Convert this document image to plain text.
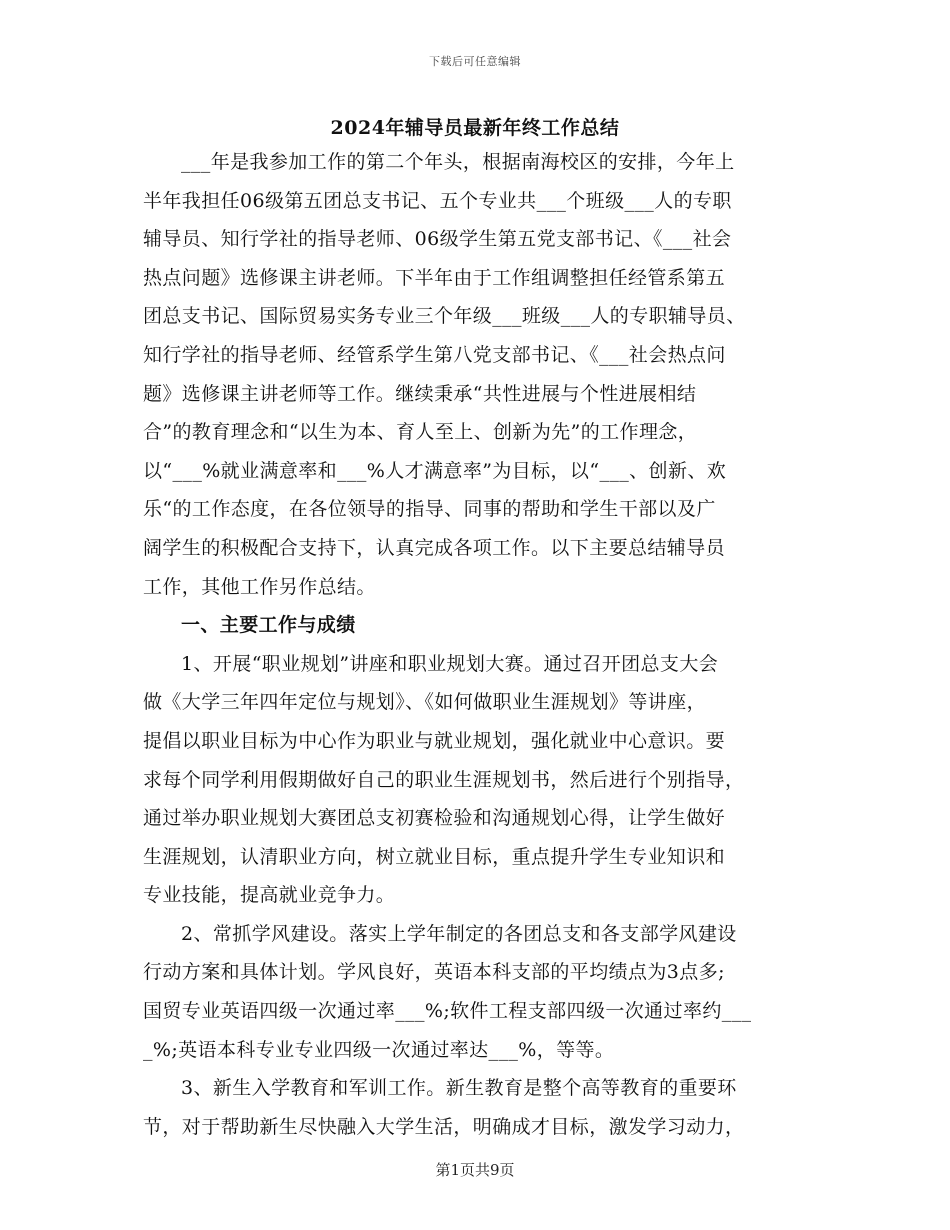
下载后可任意编辑
2024年辅导员最新年终工作总结
___年是我参加工作的第二个年头，根据南海校区的安排，今年上
半年我担任06级第五团总支书记、五个专业共___个班级___人的专职
辅导员、知行学社的指导老师、06级学生第五党支部书记、《___社会
热点问题》选修课主讲老师。下半年由于工作组调整担任经管系第五
团总支书记、国际贸易实务专业三个年级___班级___人的专职辅导员、
知行学社的指导老师、经管系学生第八党支部书记、《___社会热点问
题》选修课主讲老师等工作。继续秉承“共性进展与个性进展相结
合”的教育理念和“以生为本、育人至上、创新为先”的工作理念，
以“___%就业满意率和___%人才满意率”为目标，以“___、创新、欢
乐“的工作态度，在各位领导的指导、同事的帮助和学生干部以及广
阔学生的积极配合支持下，认真完成各项工作。以下主要总结辅导员
工作，其他工作另作总结。
一、主要工作与成绩
1、开展“职业规划”讲座和职业规划大赛。通过召开团总支大会
做《大学三年四年定位与规划》、《如何做职业生涯规划》等讲座，
提倡以职业目标为中心作为职业与就业规划，强化就业中心意识。要
求每个同学利用假期做好自己的职业生涯规划书，然后进行个别指导，
通过举办职业规划大赛团总支初赛检验和沟通规划心得，让学生做好
生涯规划，认清职业方向，树立就业目标，重点提升学生专业知识和
专业技能，提高就业竞争力。
2、常抓学风建设。落实上学年制定的各团总支和各支部学风建设
行动方案和具体计划。学风良好，英语本科支部的平均绩点为3点多;
国贸专业英语四级一次通过率___%;软件工程支部四级一次通过率约___
_%;英语本科专业专业四级一次通过率达___%，等等。
3、新生入学教育和军训工作。新生教育是整个高等教育的重要环
节，对于帮助新生尽快融入大学生活，明确成才目标，激发学习动力，
第1页共9页
